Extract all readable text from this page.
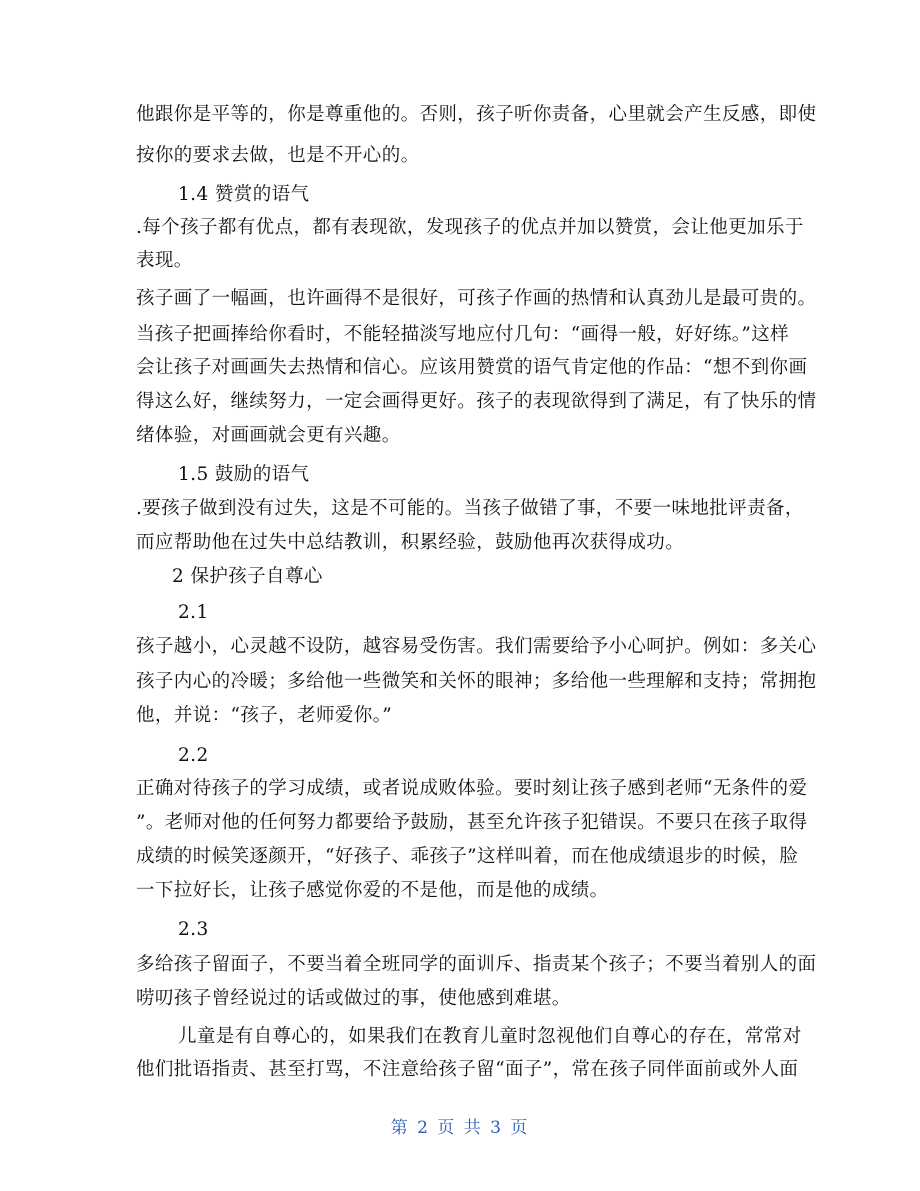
他跟你是平等的，你是尊重他的。否则，孩子听你责备，心里就会产生反感，即使
按你的要求去做，也是不开心的。
1.4 赞赏的语气
.每个孩子都有优点，都有表现欲，发现孩子的优点并加以赞赏，会让他更加乐于
表现。
孩子画了一幅画，也许画得不是很好，可孩子作画的热情和认真劲儿是最可贵的。
当孩子把画捧给你看时，不能轻描淡写地应付几句：“画得一般，好好练。”这样
会让孩子对画画失去热情和信心。应该用赞赏的语气肯定他的作品：“想不到你画
得这么好，继续努力，一定会画得更好。孩子的表现欲得到了满足，有了快乐的情
绪体验，对画画就会更有兴趣。
1.5 鼓励的语气
.要孩子做到没有过失，这是不可能的。当孩子做错了事，不要一味地批评责备，
而应帮助他在过失中总结教训，积累经验，鼓励他再次获得成功。
2 保护孩子自尊心
2.1
孩子越小，心灵越不设防，越容易受伤害。我们需要给予小心呵护。例如：多关心
孩子内心的冷暖；多给他一些微笑和关怀的眼神；多给他一些理解和支持；常拥抱
他，并说：“孩子，老师爱你。”
2.2
正确对待孩子的学习成绩，或者说成败体验。要时刻让孩子感到老师“无条件的爱
”。老师对他的任何努力都要给予鼓励，甚至允许孩子犯错误。不要只在孩子取得
成绩的时候笑逐颜开，“好孩子、乖孩子”这样叫着，而在他成绩退步的时候，脸
一下拉好长，让孩子感觉你爱的不是他，而是他的成绩。
2.3
多给孩子留面子，不要当着全班同学的面训斥、指责某个孩子；不要当着别人的面
唠叨孩子曾经说过的话或做过的事，使他感到难堪。
儿童是有自尊心的，如果我们在教育儿童时忽视他们自尊心的存在，常常对
他们批语指责、甚至打骂，不注意给孩子留“面子”，常在孩子同伴面前或外人面
第 2 页 共 3 页
